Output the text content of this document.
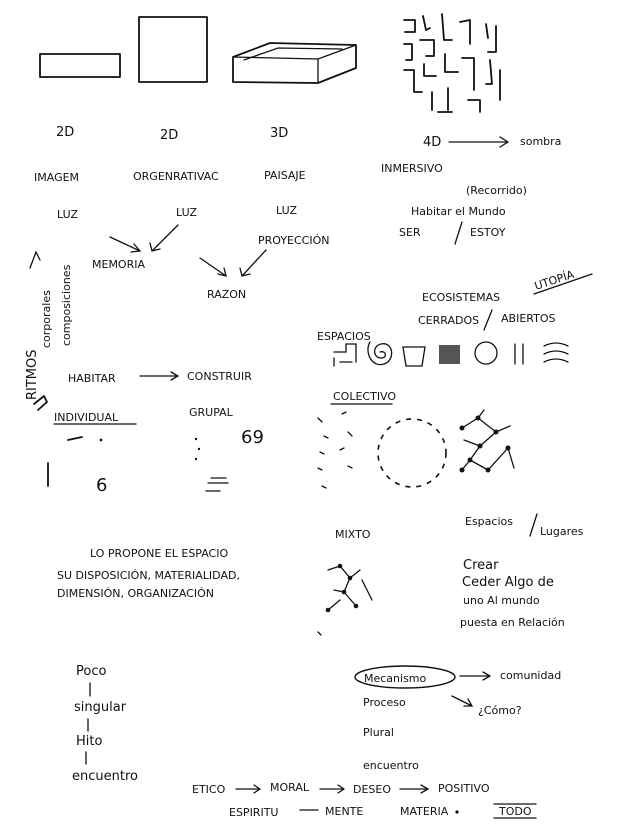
2D	2D	3D
IMAGEM	ORGENRATIVAC	PAISAJE
LUZ	LUZ	LUZ
MEMORIA
PROYECCIÓN
RAZON
4D	sombra
INMERSIVO
(Recorrido)
Habitar el Mundo
SER	ESTOY
RITMOS
corporales composiciones
HABITAR	CONSTRUIR
ECOSISTEMAS
UTOPÍA
CERRADOS ABIERTOS
ESPACIOS
INDIVIDUAL
6
GRUPAL
69
COLECTIVO
LO PROPONE EL ESPACIO
SU DISPOSICIÓN, MATERIALIDAD,
DIMENSIÓN, ORGANIZACIÓN
MIXTO
Espacios
Lugares
Crear
Ceder Algo de
uno Al mundo
puesta en Relación
Poco
singular
Hito
encuentro
Mecanismo	comunidad
Proceso
¿Cómo?
Plural
encuentro
ETICO	MORAL	DESEO	POSITIVO
ESPIRITU	MENTE	MATERIA	TODO
